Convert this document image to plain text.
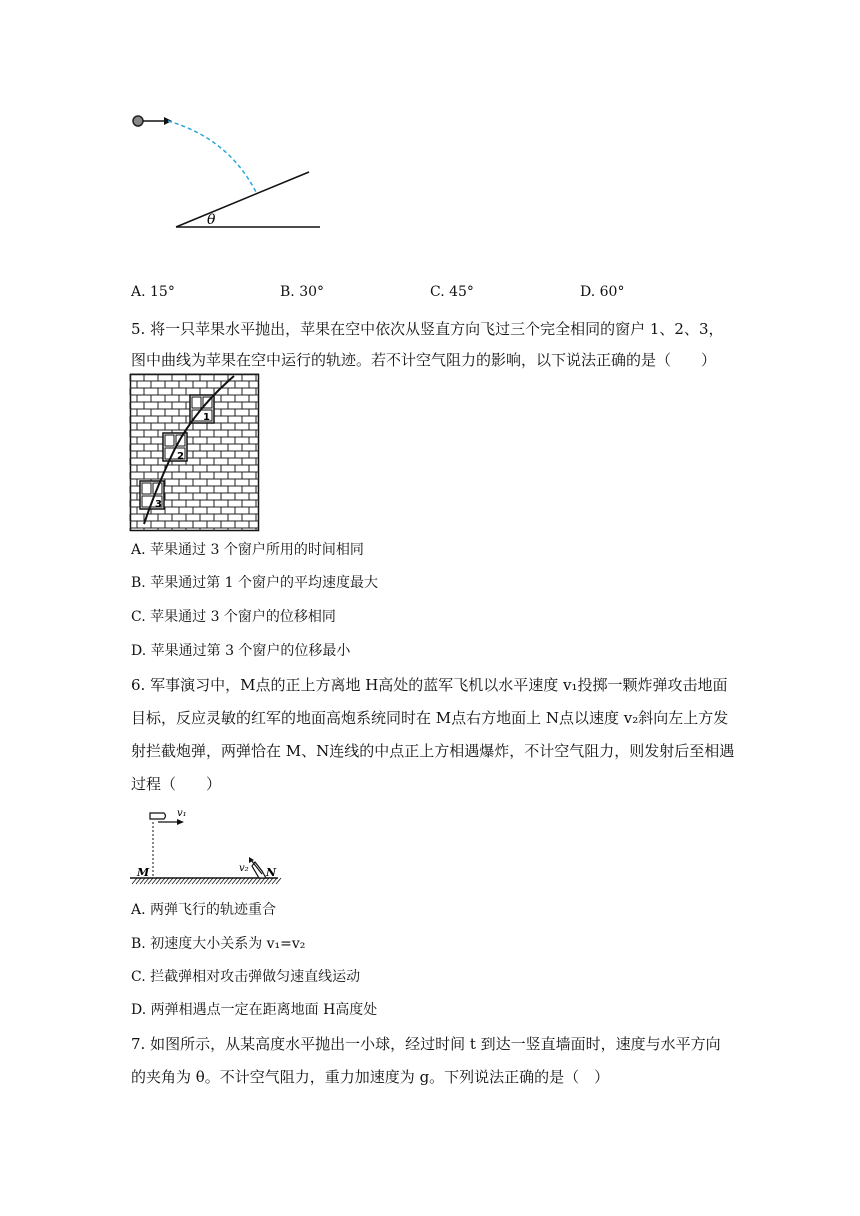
θ
A. 15°	B. 30°	C. 45°	D. 60°
5. 将一只苹果水平抛出，苹果在空中依次从竖直方向飞过三个完全相同的窗户 1、2、3，
图中曲线为苹果在空中运行的轨迹。若不计空气阻力的影响，以下说法正确的是（　　）
1
2
3
A. 苹果通过 3 个窗户所用的时间相同
B. 苹果通过第 1 个窗户的平均速度最大
C. 苹果通过 3 个窗户的位移相同
D. 苹果通过第 3 个窗户的位移最小
6. 军事演习中，M点的正上方离地 H高处的蓝军飞机以水平速度 v₁投掷一颗炸弹攻击地面
目标，反应灵敏的红军的地面高炮系统同时在 M点右方地面上 N点以速度 v₂斜向左上方发
射拦截炮弹，两弹恰在 M、N连线的中点正上方相遇爆炸，不计空气阻力，则发射后至相遇
过程（　　）
v₁
v₂
M	N
A. 两弹飞行的轨迹重合
B. 初速度大小关系为 v₁=v₂
C. 拦截弹相对攻击弹做匀速直线运动
D. 两弹相遇点一定在距离地面 H高度处
7. 如图所示，从某高度水平抛出一小球，经过时间 t 到达一竖直墙面时，速度与水平方向
的夹角为 θ。不计空气阻力，重力加速度为 g。下列说法正确的是（　）
